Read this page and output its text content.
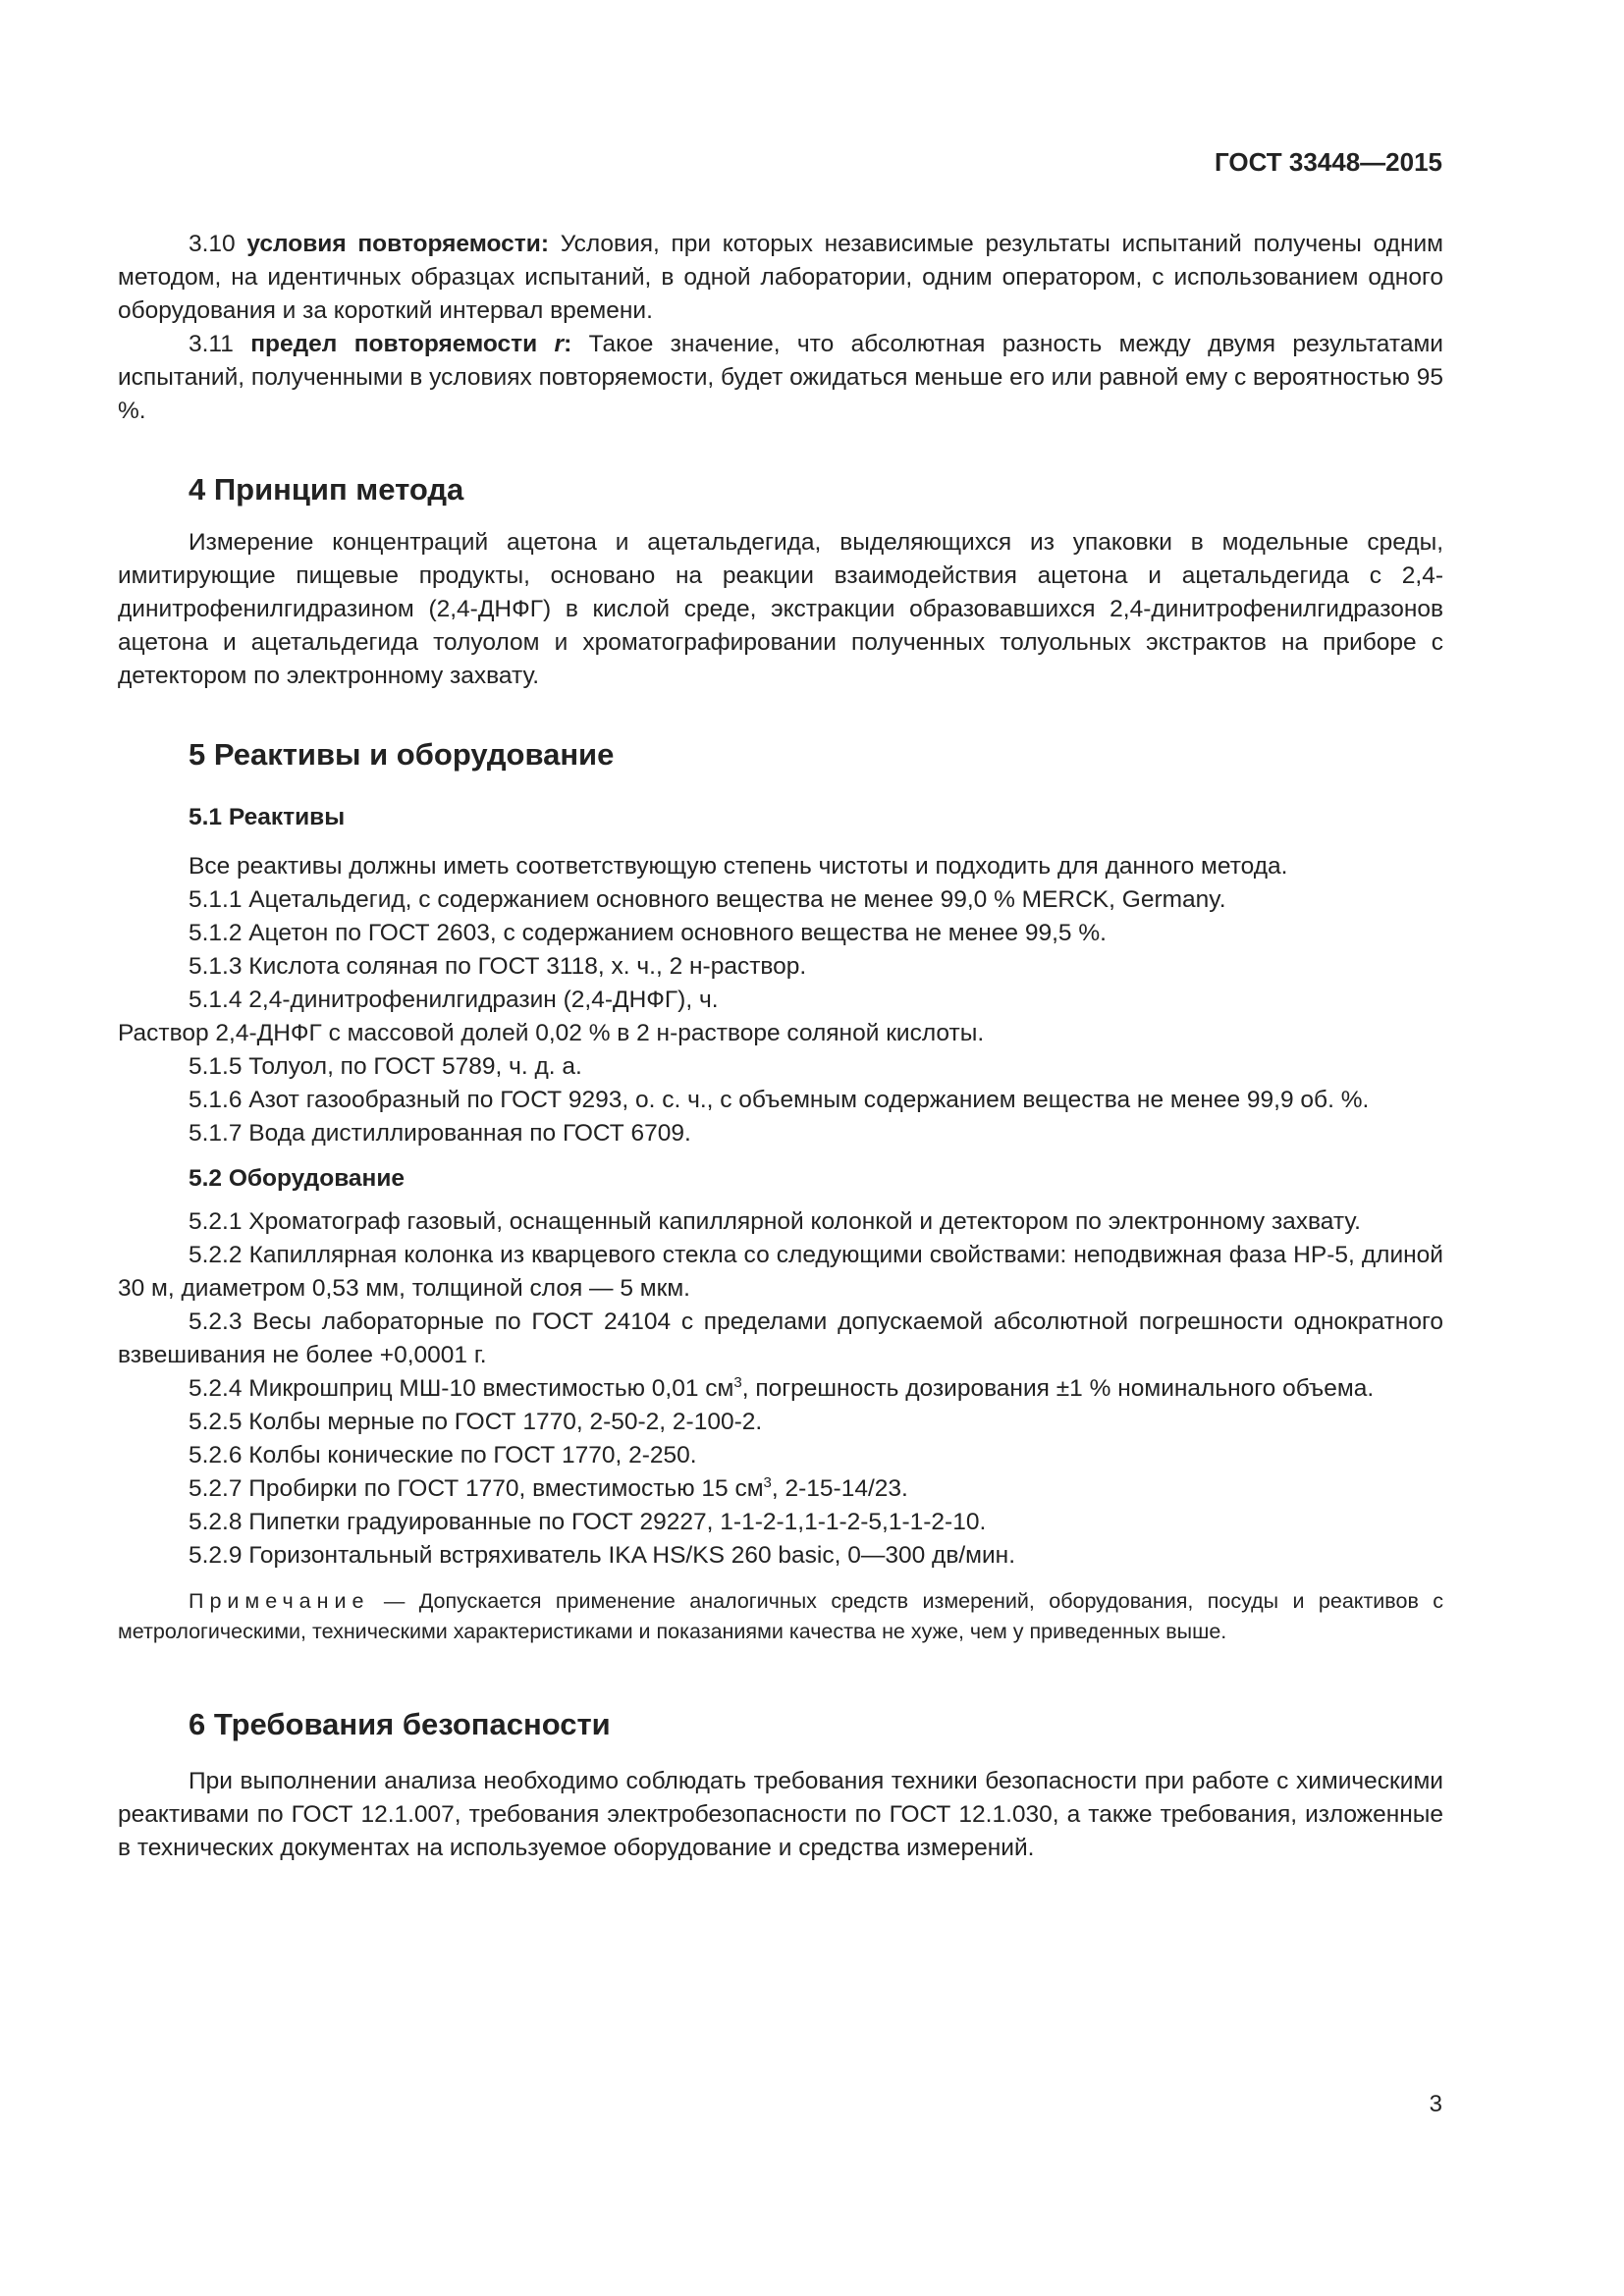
ГОСТ 33448—2015

3.10 условия повторяемости: Условия, при которых независимые результаты испытаний получены одним методом, на идентичных образцах испытаний, в одной лаборатории, одним оператором, с использованием одного оборудования и за короткий интервал времени.

3.11 предел повторяемости r: Такое значение, что абсолютная разность между двумя результатами испытаний, полученными в условиях повторяемости, будет ожидаться меньше его или равной ему с вероятностью 95 %.

4 Принцип метода

Измерение концентраций ацетона и ацетальдегида, выделяющихся из упаковки в модельные среды, имитирующие пищевые продукты, основано на реакции взаимодействия ацетона и ацетальдегида с 2,4-динитрофенилгидразином (2,4-ДНФГ) в кислой среде, экстракции образовавшихся 2,4-динитрофенилгидразонов ацетона и ацетальдегида толуолом и хроматографировании полученных толуольных экстрактов на приборе с детектором по электронному захвату.

5 Реактивы и оборудование
5.1 Реактивы

Все реактивы должны иметь соответствующую степень чистоты и подходить для данного метода.

5.1.1 Ацетальдегид, с содержанием основного вещества не менее 99,0 % MERCK, Germany.

5.1.2 Ацетон по ГОСТ 2603, с содержанием основного вещества не менее 99,5 %.

5.1.3 Кислота соляная по ГОСТ 3118, х. ч., 2 н-раствор.

5.1.4 2,4-динитрофенилгидразин (2,4-ДНФГ), ч.

Раствор 2,4-ДНФГ с массовой долей 0,02 % в 2 н-растворе соляной кислоты.

5.1.5 Толуол, по ГОСТ 5789, ч. д. а.

5.1.6 Азот газообразный по ГОСТ 9293, о. с. ч., с объемным содержанием вещества не менее 99,9 об. %.

5.1.7 Вода дистиллированная по ГОСТ 6709.

5.2 Оборудование

5.2.1 Хроматограф газовый, оснащенный капиллярной колонкой и детектором по электронному захвату.

5.2.2 Капиллярная колонка из кварцевого стекла со следующими свойствами: неподвижная фаза HP-5, длиной 30 м, диаметром 0,53 мм, толщиной слоя — 5 мкм.

5.2.3 Весы лабораторные по ГОСТ 24104 с пределами допускаемой абсолютной погрешности однократного взвешивания не более +0,0001 г.

5.2.4 Микрошприц МШ-10 вместимостью 0,01 $см^3$, погрешность дозирования ±1 % номинального объема.

5.2.5 Колбы мерные по ГОСТ 1770, 2-50-2, 2-100-2.

5.2.6 Колбы конические по ГОСТ 1770, 2-250.

5.2.7 Пробирки по ГОСТ 1770, вместимостью 15 $см^3$, 2-15-14/23.

5.2.8 Пипетки градуированные по ГОСТ 29227, 1-1-2-1,1-1-2-5,1-1-2-10.

5.2.9 Горизонтальный встряхиватель IKA HS/KS 260 basic, 0—300 дв/мин.

Примечание — Допускается применение аналогичных средств измерений, оборудования, посуды и реактивов с метрологическими, техническими характеристиками и показаниями качества не хуже, чем у приведенных выше.

6 Требования безопасности

При выполнении анализа необходимо соблюдать требования техники безопасности при работе с химическими реактивами по ГОСТ 12.1.007, требования электробезопасности по ГОСТ 12.1.030, а также требования, изложенные в технических документах на используемое оборудование и средства измерений.

3
